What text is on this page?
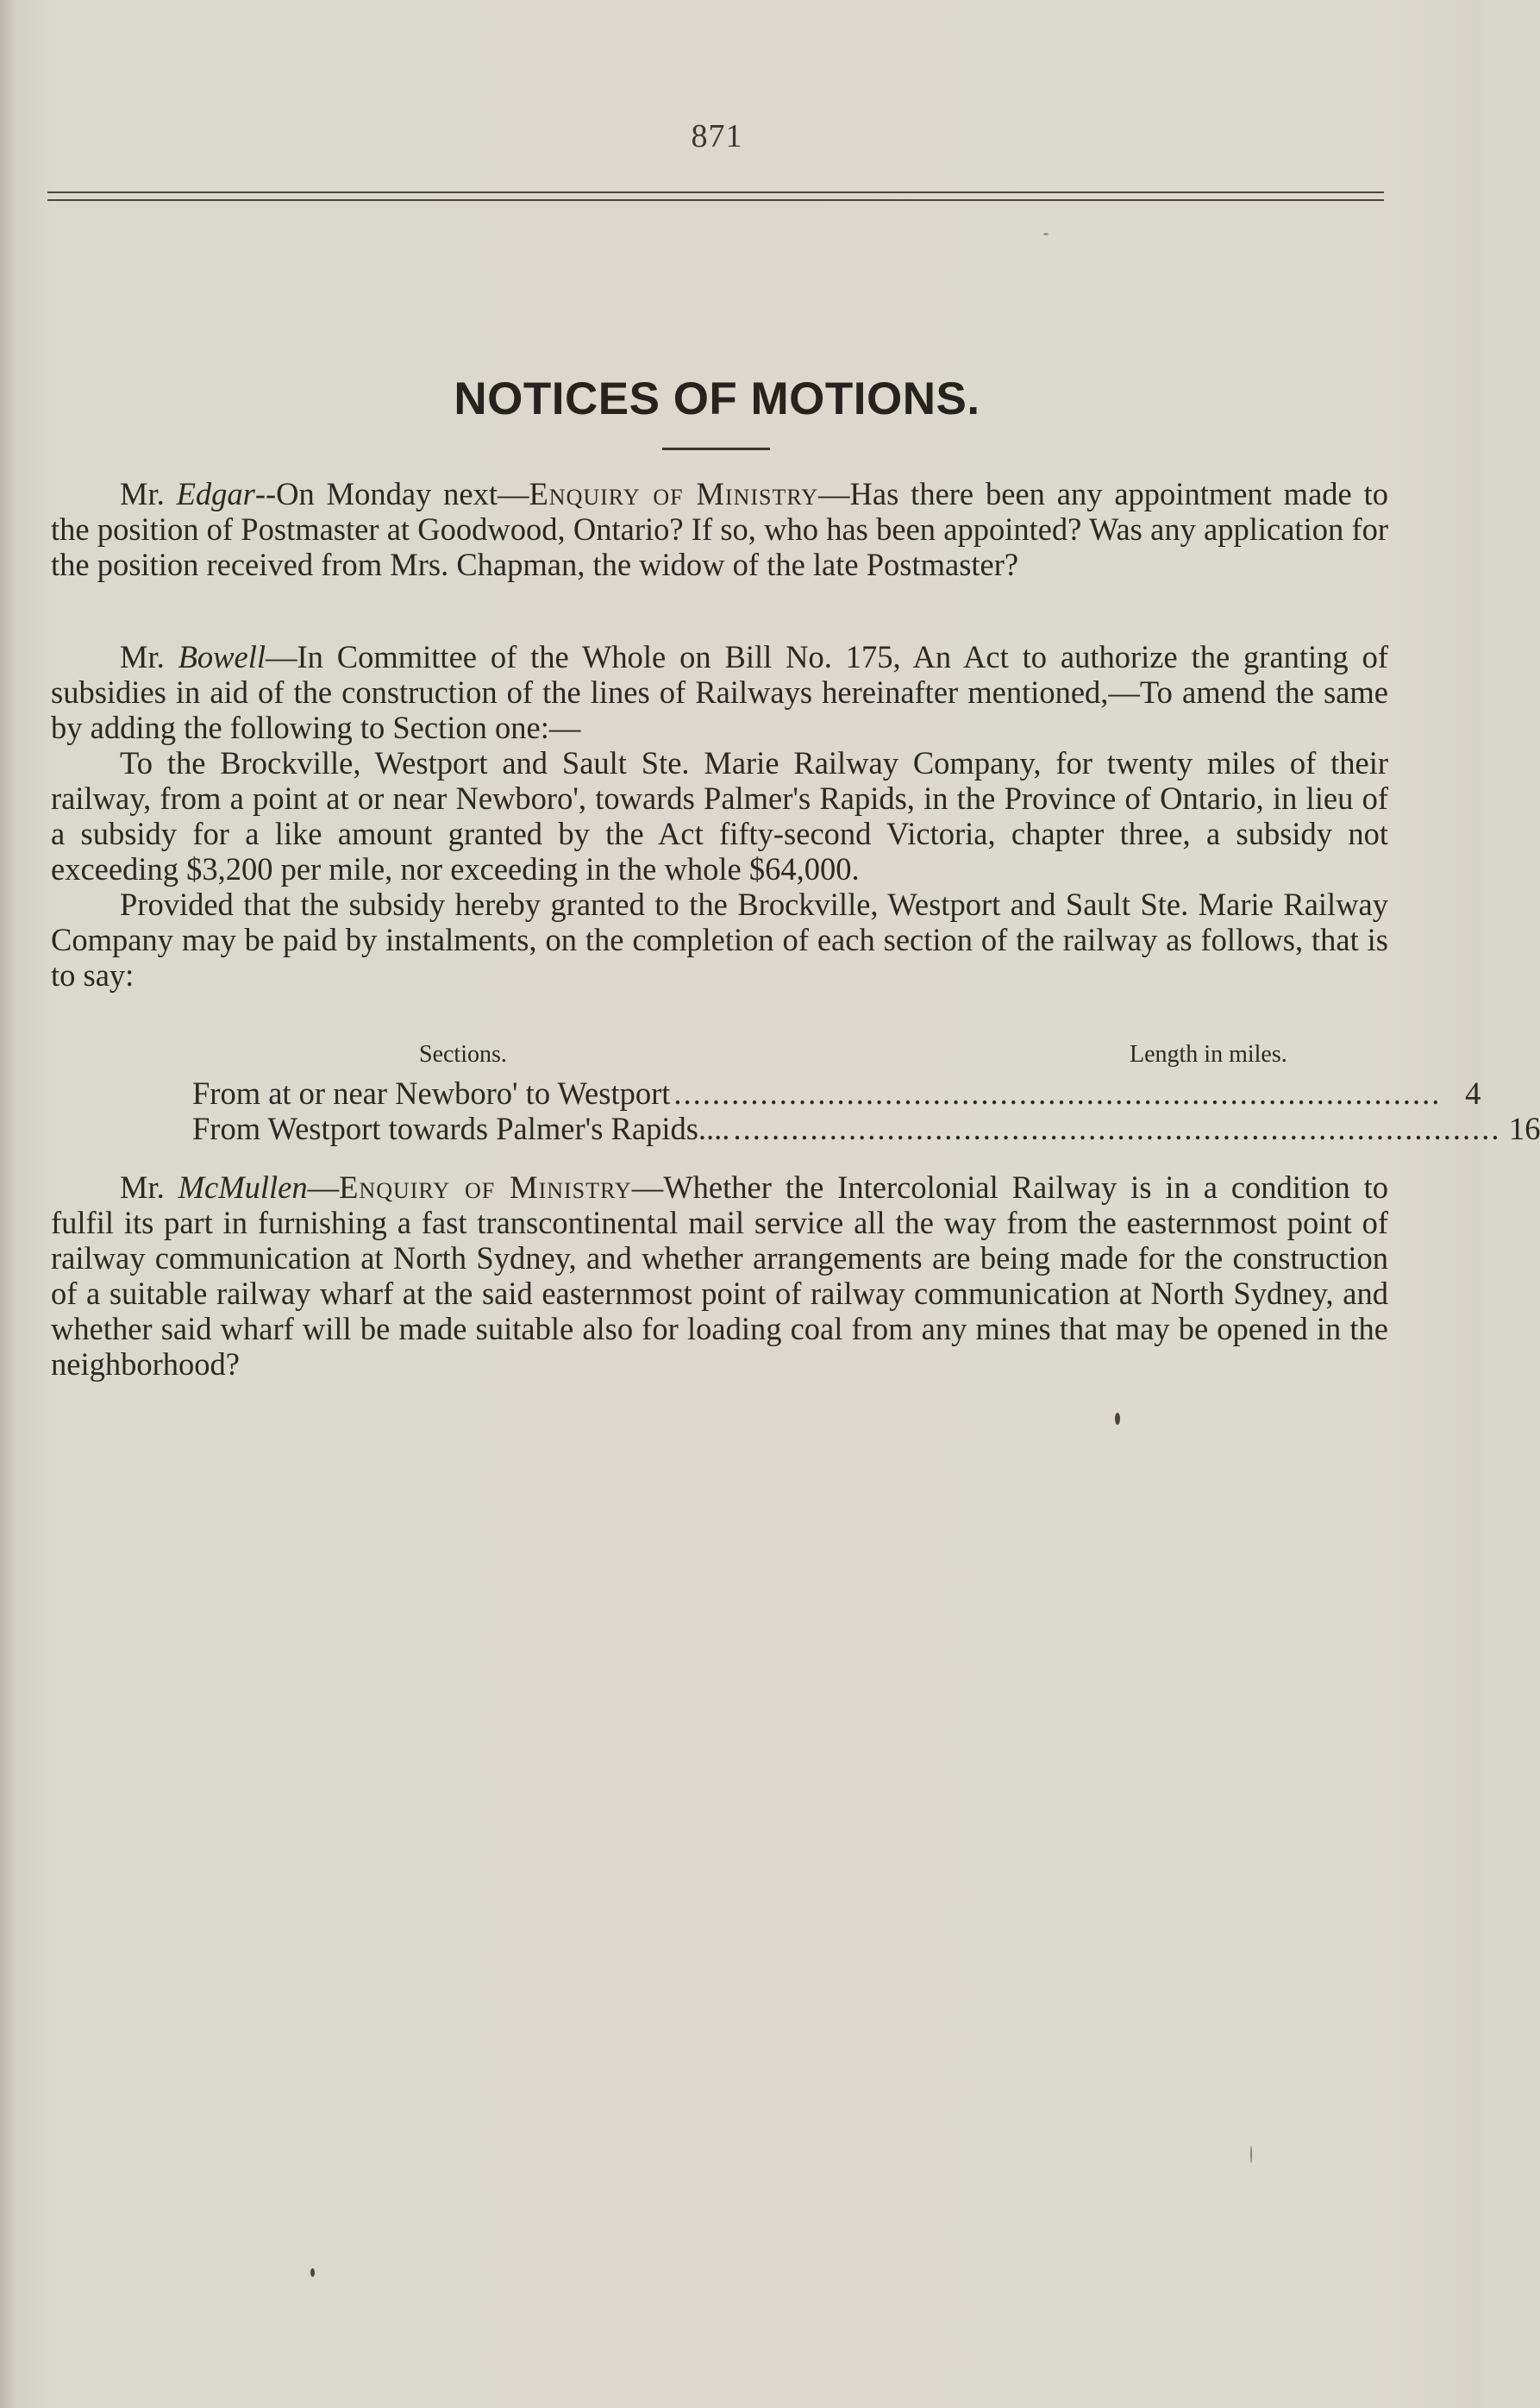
871
NOTICES OF MOTIONS.

Mr. Edgar--On Monday next—Enquiry of Ministry—Has there been any appointment made to the position of Postmaster at Goodwood, Ontario? If so, who has been appointed? Was any application for the position received from Mrs. Chapman, the widow of the late Postmaster?

Mr. Bowell—In Committee of the Whole on Bill No. 175, An Act to authorize the granting of subsidies in aid of the construction of the lines of Railways hereinafter mentioned,—To amend the same by adding the following to Section one:—

To the Brockville, Westport and Sault Ste. Marie Railway Company, for twenty miles of their railway, from a point at or near Newboro', towards Palmer's Rapids, in the Province of Ontario, in lieu of a subsidy for a like amount granted by the Act fifty-second Victoria, chapter three, a subsidy not exceeding $3,200 per mile, nor exceeding in the whole $64,000.

Provided that the subsidy hereby granted to the Brockville, Westport and Sault Ste. Marie Railway Company may be paid by instalments, on the completion of each section of the railway as follows, that is to say:

Sections.	Length in miles.
From at or near Newboro' to Westport ................................................................................ 4
From Westport towards Palmer's Rapids.... ................................................................................ 16

Mr. McMullen—Enquiry of Ministry—Whether the Intercolonial Railway is in a condition to fulfil its part in furnishing a fast transcontinental mail service all the way from the easternmost point of railway communication at North Sydney, and whether arrangements are being made for the construction of a suitable railway wharf at the said easternmost point of railway communication at North Sydney, and whether said wharf will be made suitable also for loading coal from any mines that may be opened in the neighborhood?
